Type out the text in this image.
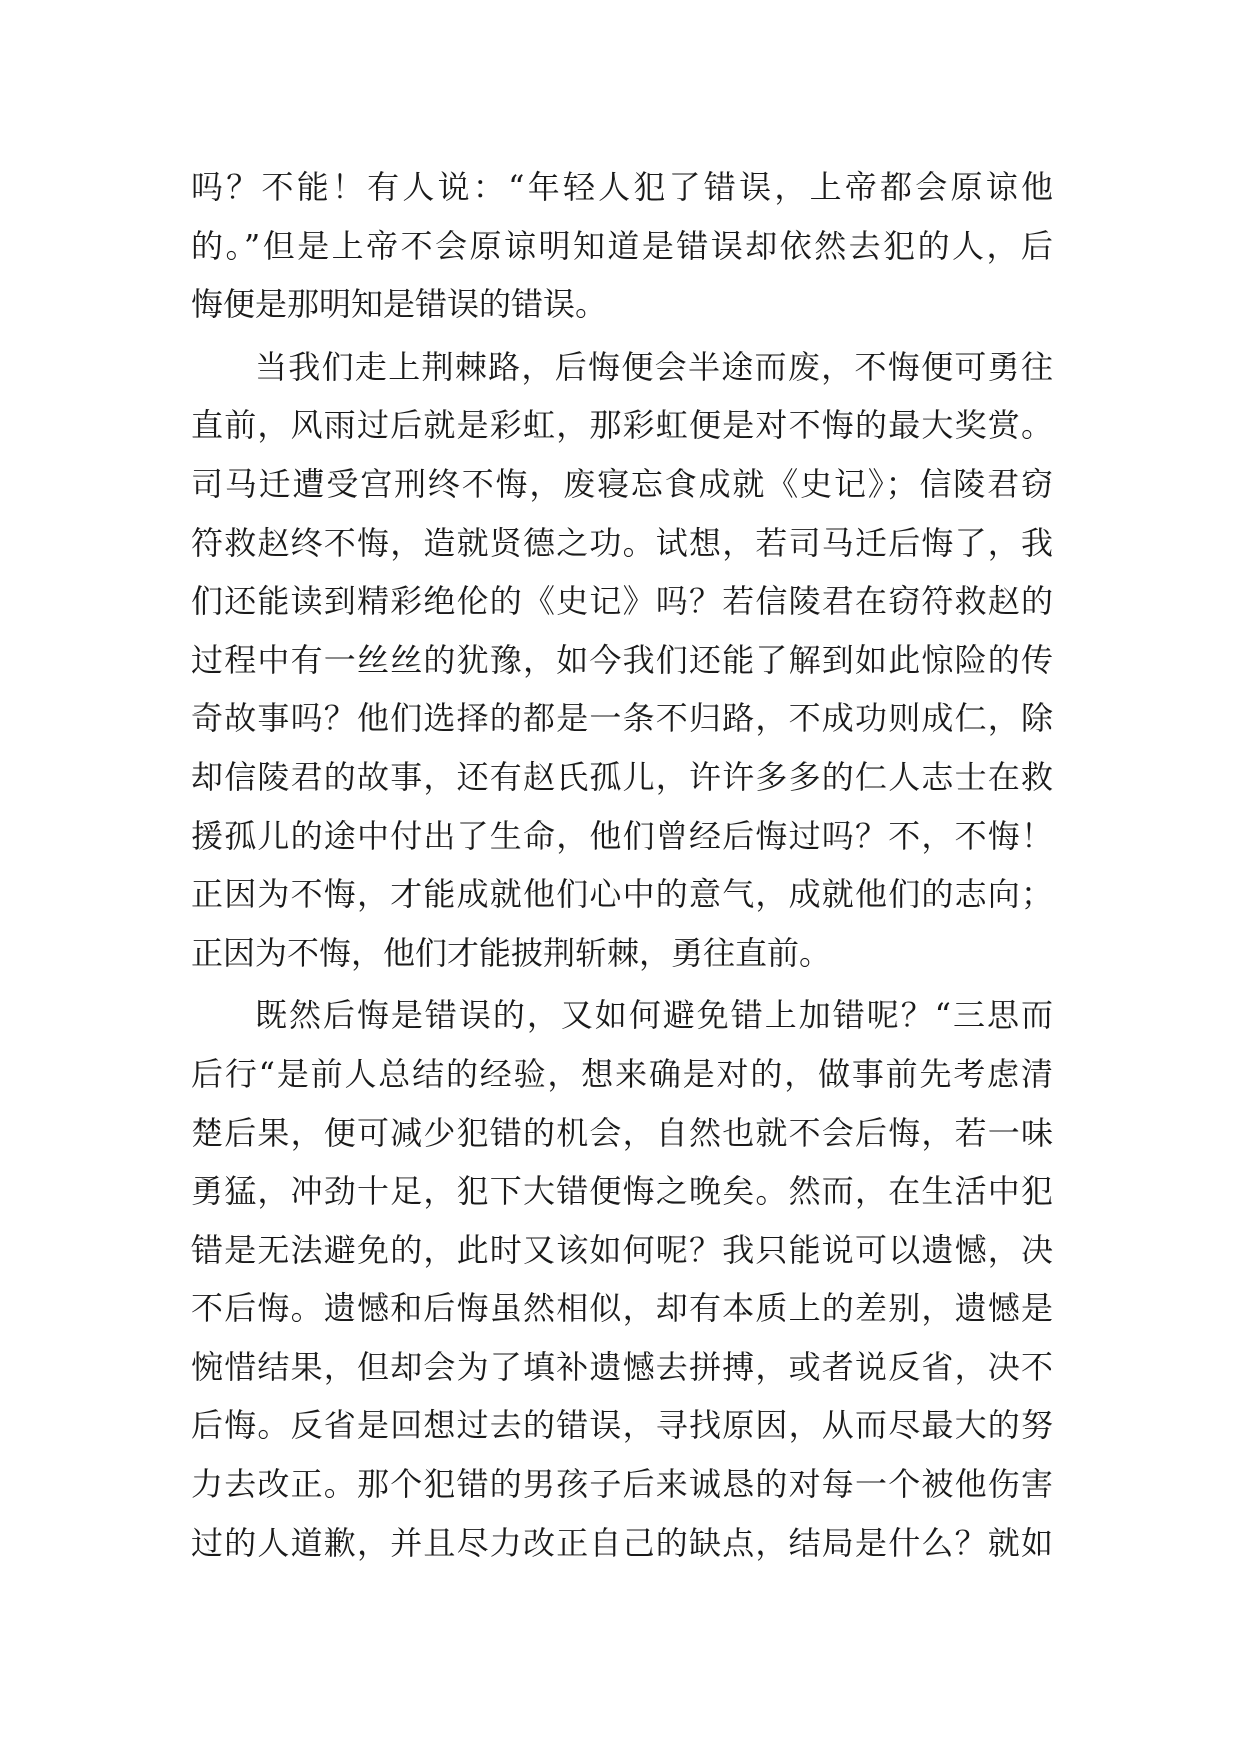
吗？不能！有人说：“年轻人犯了错误，上帝都会原谅他
的。”但是上帝不会原谅明知道是错误却依然去犯的人，后
悔便是那明知是错误的错误。
当我们走上荆棘路，后悔便会半途而废，不悔便可勇往
直前，风雨过后就是彩虹，那彩虹便是对不悔的最大奖赏。
司马迁遭受宫刑终不悔，废寝忘食成就《史记》；信陵君窃
符救赵终不悔，造就贤德之功。试想，若司马迁后悔了，我
们还能读到精彩绝伦的《史记》吗？若信陵君在窃符救赵的
过程中有一丝丝的犹豫，如今我们还能了解到如此惊险的传
奇故事吗？他们选择的都是一条不归路，不成功则成仁，除
却信陵君的故事，还有赵氏孤儿，许许多多的仁人志士在救
援孤儿的途中付出了生命，他们曾经后悔过吗？不，不悔！
正因为不悔，才能成就他们心中的意气，成就他们的志向；
正因为不悔，他们才能披荆斩棘，勇往直前。
既然后悔是错误的，又如何避免错上加错呢？“三思而
后行“是前人总结的经验，想来确是对的，做事前先考虑清
楚后果，便可减少犯错的机会，自然也就不会后悔，若一味
勇猛，冲劲十足，犯下大错便悔之晚矣。然而，在生活中犯
错是无法避免的，此时又该如何呢？我只能说可以遗憾，决
不后悔。遗憾和后悔虽然相似，却有本质上的差别，遗憾是
惋惜结果，但却会为了填补遗憾去拼搏，或者说反省，决不
后悔。反省是回想过去的错误，寻找原因，从而尽最大的努
力去改正。那个犯错的男孩子后来诚恳的对每一个被他伤害
过的人道歉，并且尽力改正自己的缺点，结局是什么？就如
